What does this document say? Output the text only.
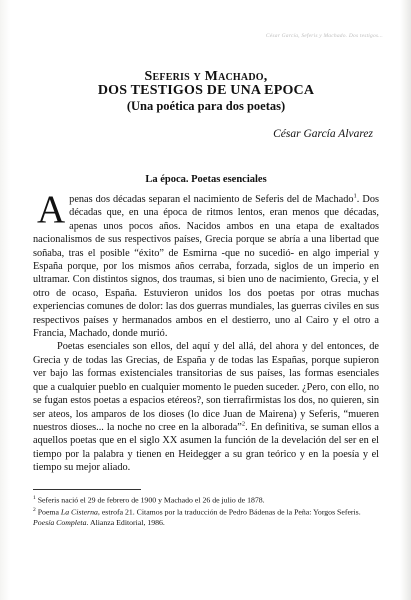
César García, Seferis y Machado. Dos testigos...

Seferis y Machado,

DOS TESTIGOS DE UNA EPOCA

(Una poética para dos poetas)

César García Alvarez
La época. Poetas esenciales

Apenas dos décadas separan el nacimiento de Seferis del de Machado$^1$. Dos décadas que, en una época de ritmos lentos, eran menos que décadas, apenas unos pocos años. Nacidos ambos en una etapa de exaltados nacionalismos de sus respectivos países, Grecia porque se abría a una libertad que soñaba, tras el posible “éxito” de Esmirna -que no sucedió- en algo imperial y España porque, por los mismos años cerraba, forzada, siglos de un imperio en ultramar. Con distintos signos, dos traumas, si bien uno de nacimiento, Grecia, y el otro de ocaso, España. Estuvieron unidos los dos poetas por otras muchas experiencias comunes de dolor: las dos guerras mundiales, las guerras civiles en sus respectivos países y hermanados ambos en el destierro, uno al Cairo y el otro a Francia, Machado, donde murió.

Poetas esenciales son ellos, del aquí y del allá, del ahora y del entonces, de Grecia y de todas las Grecias, de España y de todas las Españas, porque supieron ver bajo las formas existenciales transitorias de sus países, las formas esenciales que a cualquier pueblo en cualquier momento le pueden suceder. ¿Pero, con ello, no se fugan estos poetas a espacios etéreos?, son tierrafirmistas los dos, no quieren, sin ser ateos, los amparos de los dioses (lo dice Juan de Mairena) y Seferis, “mueren nuestros dioses... la noche no cree en la alborada”$^2$. En definitiva, se suman ellos a aquellos poetas que en el siglo XX asumen la función de la develación del ser en el tiempo por la palabra y tienen en Heidegger a su gran teórico y en la poesía y el tiempo su mejor aliado.

$^1$ Seferis nació el 29 de febrero de 1900 y Machado el 26 de julio de 1878.

$^2$ Poema La Cisterna, estrofa 21. Citamos por la traducción de Pedro Bádenas de la Peña: Yorgos Seferis. Poesía Completa. Alianza Editorial, 1986.
